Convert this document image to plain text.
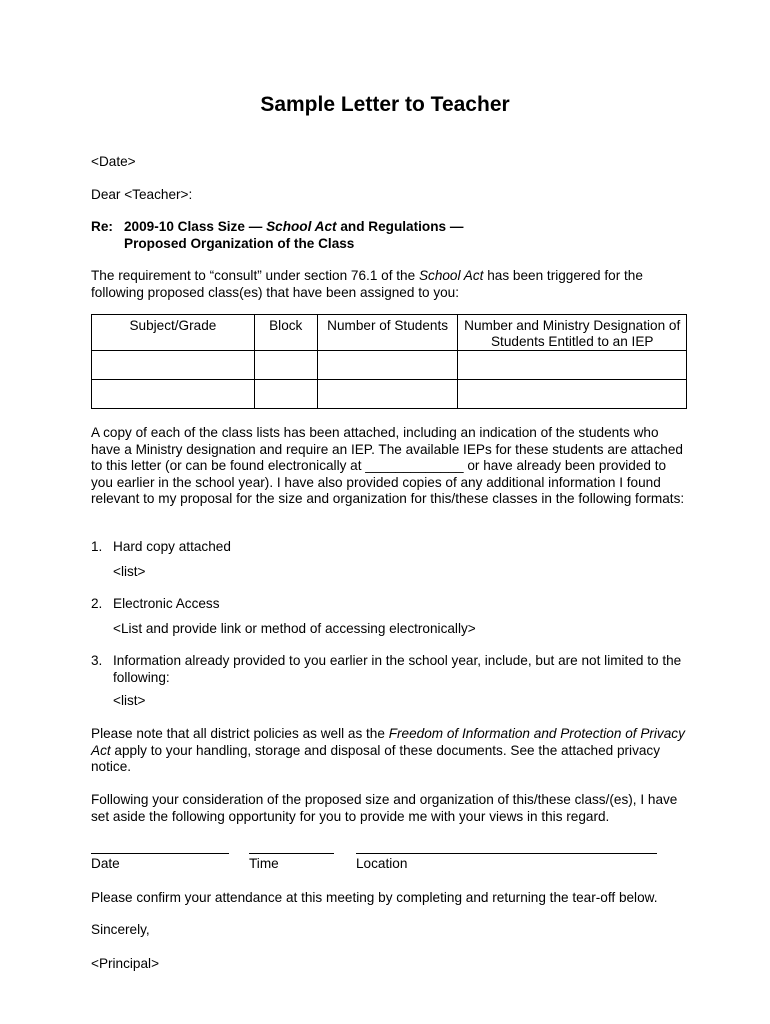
Sample Letter to Teacher
<Date>
Dear <Teacher>:
Re: 2009-10 Class Size — School Act and Regulations —
Proposed Organization of the Class
The requirement to “consult” under section 76.1 of the School Act has been triggered for the following proposed class(es) that have been assigned to you:
Subject/Grade	Block	Number of Students	Number and Ministry Designation of Students Entitled to an IEP

A copy of each of the class lists has been attached, including an indication of the students who have a Ministry designation and require an IEP. The available IEPs for these students are attached to this letter (or can be found electronically at _____________ or have already been provided to you earlier in the school year). I have also provided copies of any additional information I found relevant to my proposal for the size and organization for this/these classes in the following formats:
1. Hard copy attached
<list>
2. Electronic Access
<List and provide link or method of accessing electronically>
3. Information already provided to you earlier in the school year, include, but are not limited to the following:
<list>
Please note that all district policies as well as the Freedom of Information and Protection of Privacy Act apply to your handling, storage and disposal of these documents. See the attached privacy notice.
Following your consideration of the proposed size and organization of this/these class/(es), I have set aside the following opportunity for you to provide me with your views in this regard.
Date	Time	Location
Please confirm your attendance at this meeting by completing and returning the tear-off below.
Sincerely,
<Principal>
